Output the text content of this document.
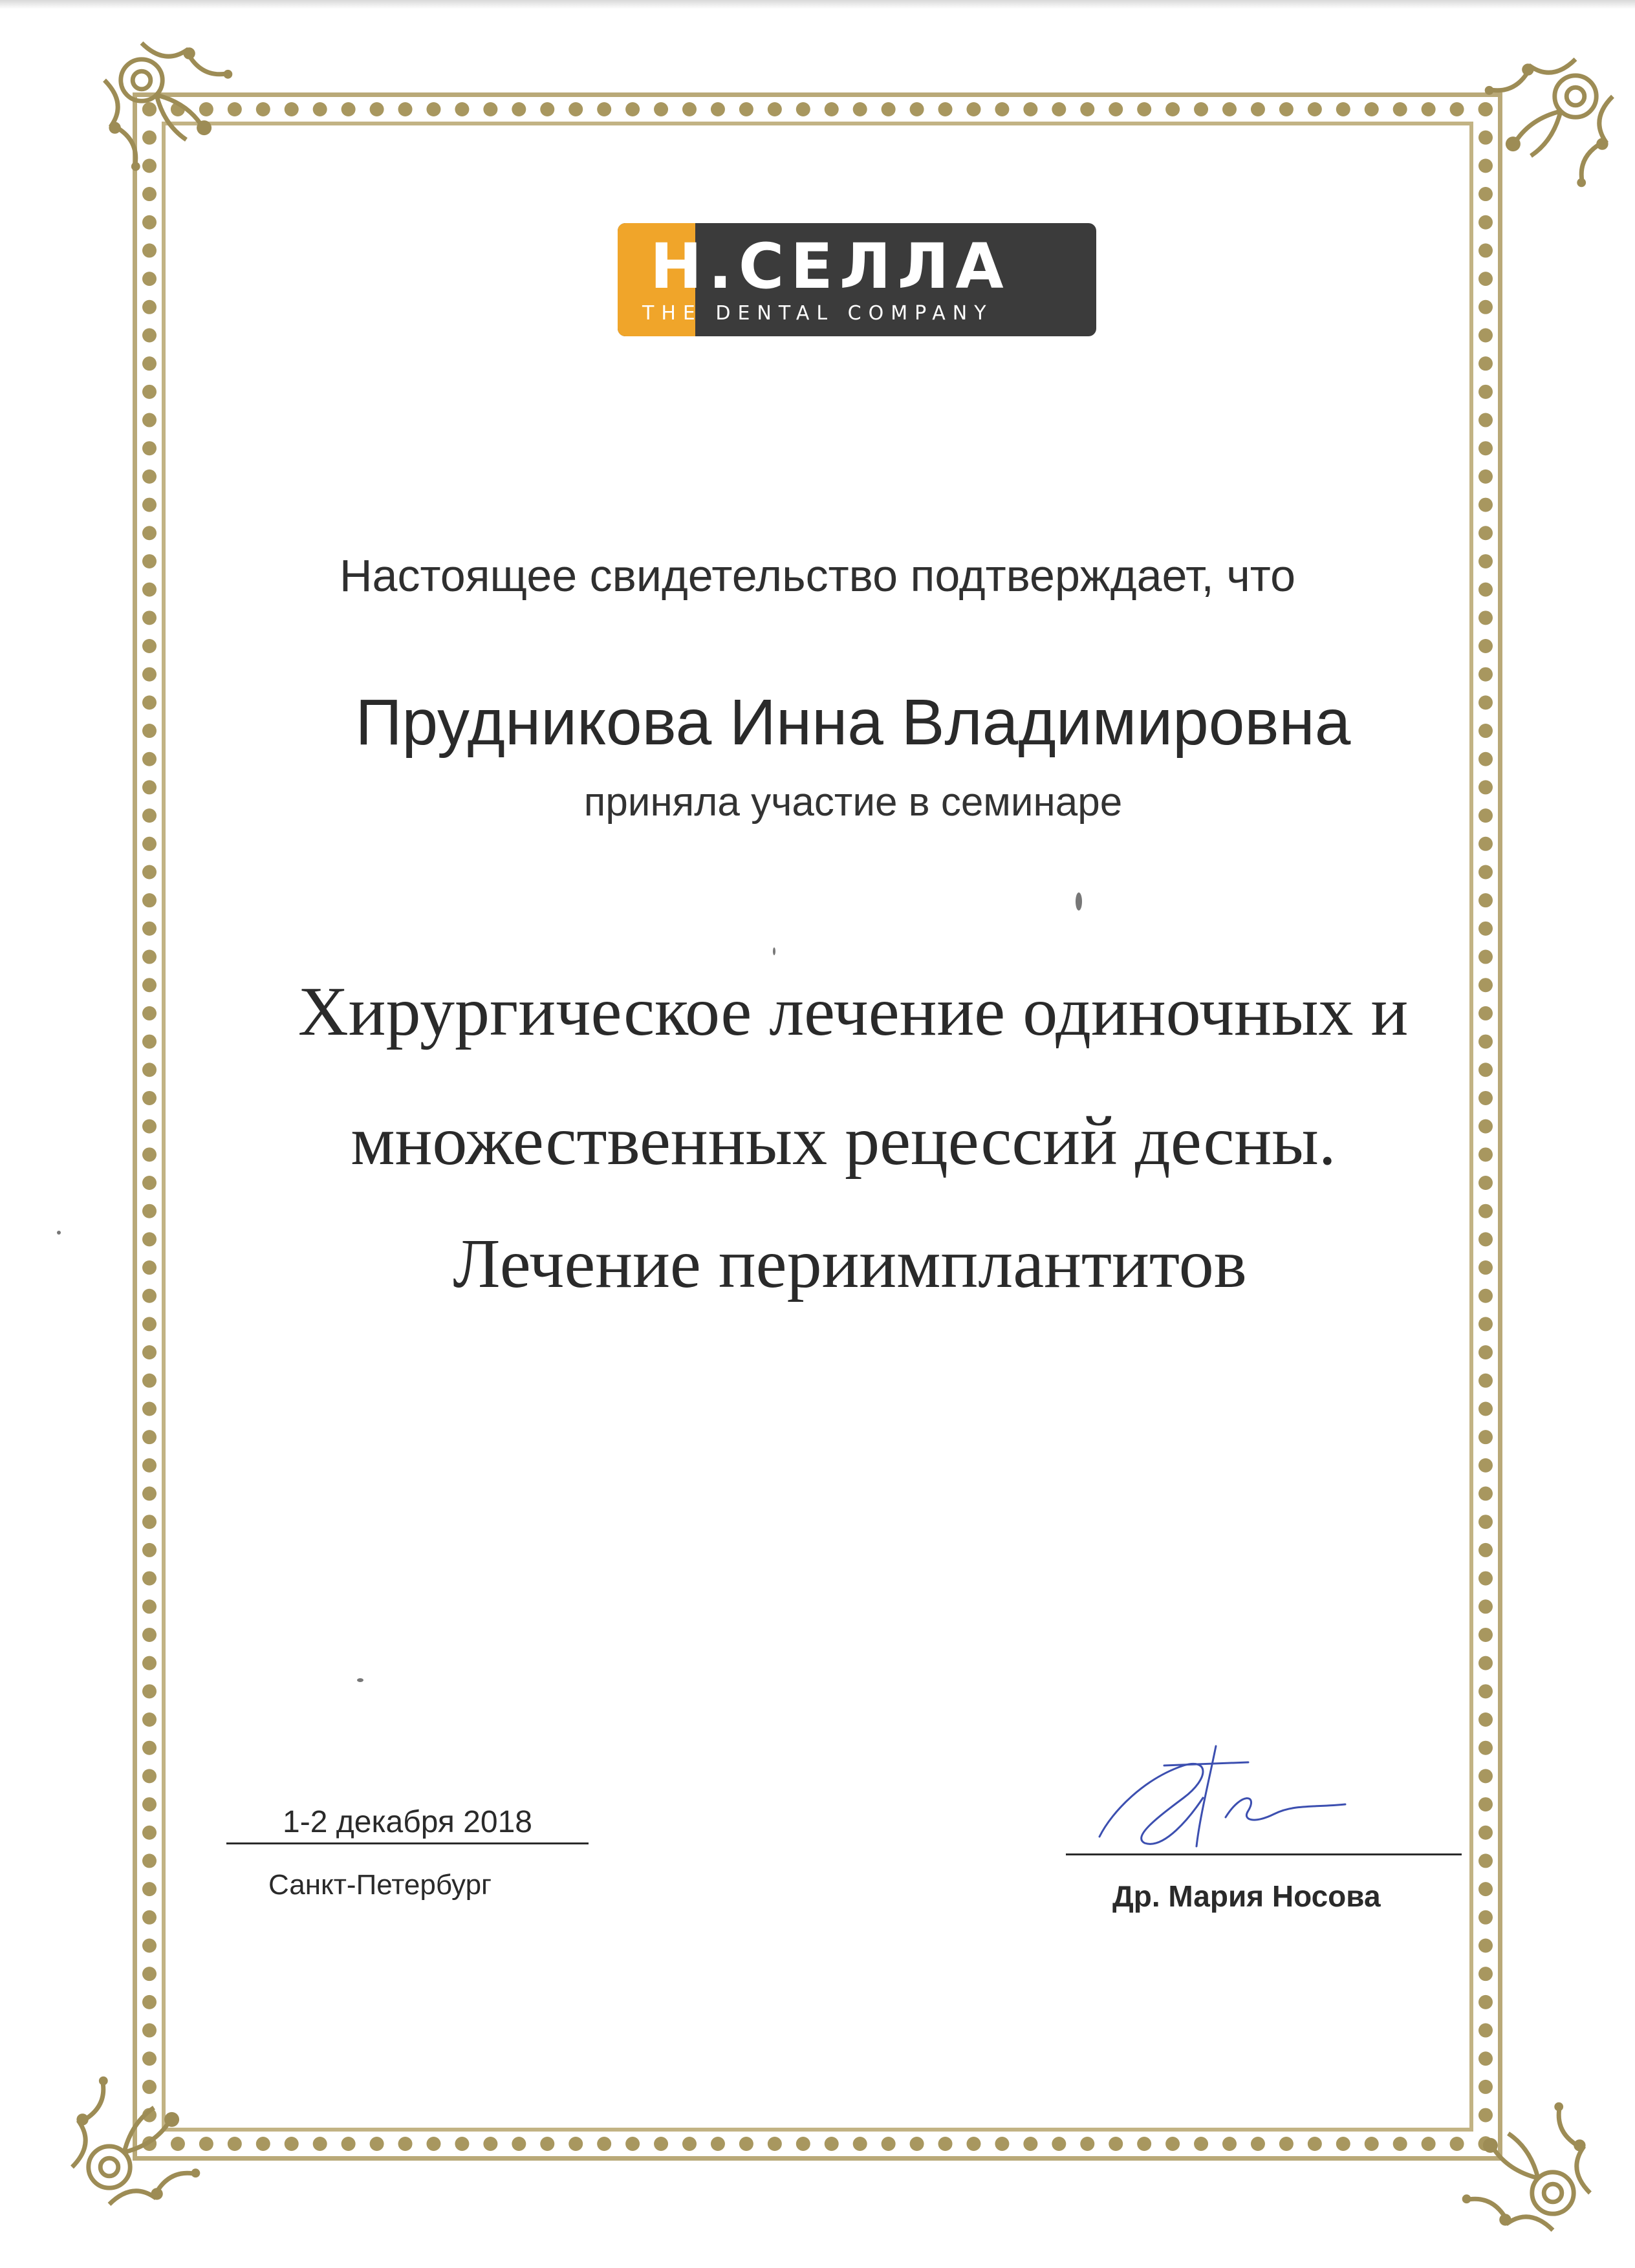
H.СЕЛЛА
THE DENTAL COMPANY
Настоящее свидетельство подтверждает, что
Прудникова Инна Владимировна
приняла участие в семинаре
Хирургическое лечение одиночных и
множественных рецессий десны.
Лечение периимплантитов
1-2 декабря 2018
Санкт-Петербург	Др. Мария Носова
